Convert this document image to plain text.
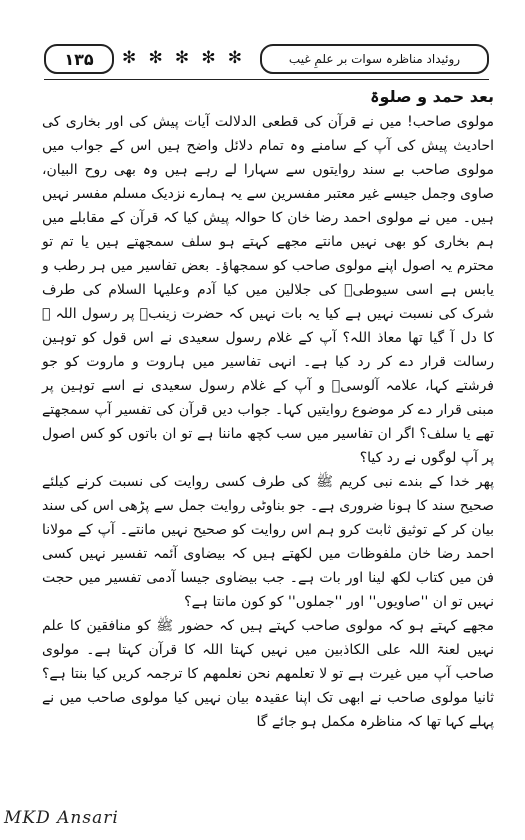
۱۳۵	✻ ✻ ✻ ✻ ✻	روئیداد مناظرہ سوات بر علمِ غیب

بعد حمد و صلوۃ

مولوی صاحب! میں نے قرآن کی قطعی الدلالت آیات پیش کی اور بخاری کی احادیث پیش کی آپ کے سامنے وہ تمام دلائل واضح ہیں اس کے جواب میں مولوی صاحب بے سند روایتوں سے سہارا لے رہے ہیں وہ بھی روح البیان، صاوی وجمل جیسے غیر معتبر مفسرین سے یہ ہمارے نزدیک مسلم مفسر نہیں ہیں۔ میں نے مولوی احمد رضا خان کا حوالہ پیش کیا کہ قرآن کے مقابلے میں ہم بخاری کو بھی نہیں مانتے مجھے کہتے ہو سلف سمجھتے ہیں یا تم تو محترم یہ اصول اپنے مولوی صاحب کو سمجھاؤ۔ بعض تفاسیر میں ہر رطب و یابس ہے اسی سیوطیؒ کی جلالین میں کیا آدم وعلیہا السلام کی طرف شرک کی نسبت نہیں ہے کیا یہ بات نہیں کہ حضرت زینبؓ پر رسول اللہ ﷺ کا دل آ گیا تھا معاذ اللہ؟ آپ کے غلام رسول سعیدی نے اس قول کو توہین رسالت قرار دے کر رد کیا ہے۔ انہی تفاسیر میں ہاروت و ماروت کو جو فرشتے کہا، علامہ آلوسیؒ و آپ کے غلام رسول سعیدی نے اسے توہین پر مبنی قرار دے کر موضوع روایتیں کہا۔ جواب دیں قرآن کی تفسیر آپ سمجھتے تھے یا سلف؟ اگر ان تفاسیر میں سب کچھ ماننا ہے تو ان باتوں کو کس اصول پر آپ لوگوں نے رد کیا؟

پھر خدا کے بندے نبی کریم ﷺ کی طرف کسی روایت کی نسبت کرنے کیلئے صحیح سند کا ہونا ضروری ہے۔ جو بناوٹی روایت جمل سے پڑھی اس کی سند بیان کر کے توثیق ثابت کرو ہم اس روایت کو صحیح نہیں مانتے۔ آپ کے مولانا احمد رضا خان ملفوظات میں لکھتے ہیں کہ بیضاوی آئمہ تفسیر نہیں کسی فن میں کتاب لکھ لینا اور بات ہے۔ جب بیضاوی جیسا آدمی تفسیر میں حجت نہیں تو ان ''صاویوں'' اور ''جملوں'' کو کون مانتا ہے؟

مجھے کہتے ہو کہ مولوی صاحب کہتے ہیں کہ حضور ﷺ کو منافقین کا علم نہیں لعنۃ اللہ علی الکاذبین میں نہیں کہتا اللہ کا قرآن کہتا ہے۔ مولوی صاحب آپ میں غیرت ہے تو لا تعلمھم نحن نعلمھم کا ترجمہ کریں کیا بنتا ہے؟ ثانیا مولوی صاحب نے ابھی تک اپنا عقیدہ بیان نہیں کیا مولوی صاحب میں نے پہلے کہا تھا کہ مناظرہ مکمل ہو جائے گا

MKD Ansari
